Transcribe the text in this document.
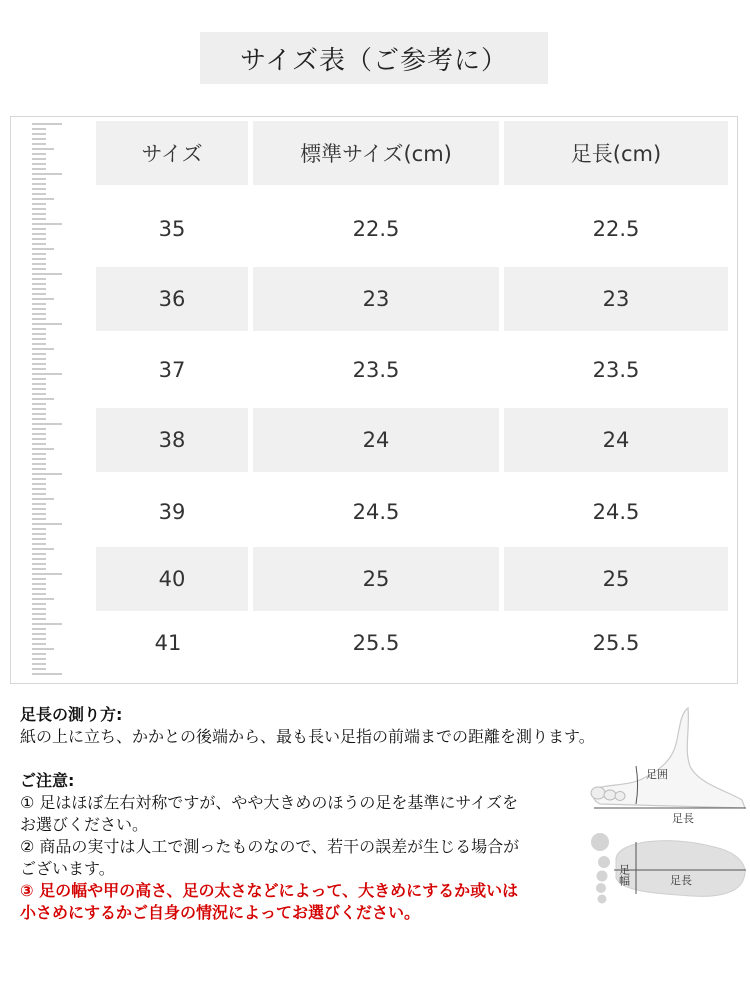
サイズ表（ご参考に）
サイズ	標準サイズ(cm)	足長(cm)
35	22.5	22.5
36	23	23
37	23.5	23.5
38	24	24
39	24.5	24.5
40	25	25
41	25.5	25.5

足長の測り方:

紙の上に立ち、かかとの後端から、最も長い足指の前端までの距離を測ります。

ご注意:

① 足はほぼ左右対称ですが、やや大きめのほうの足を基準にサイズを

お選びください。

② 商品の実寸は人工で測ったものなので、若干の誤差が生じる場合が

ございます。

③ 足の幅や甲の高さ、足の太さなどによって、大きめにするか或いは

小さめにするかご自身の情況によってお選びください。

足囲
足長
足幅	足長
